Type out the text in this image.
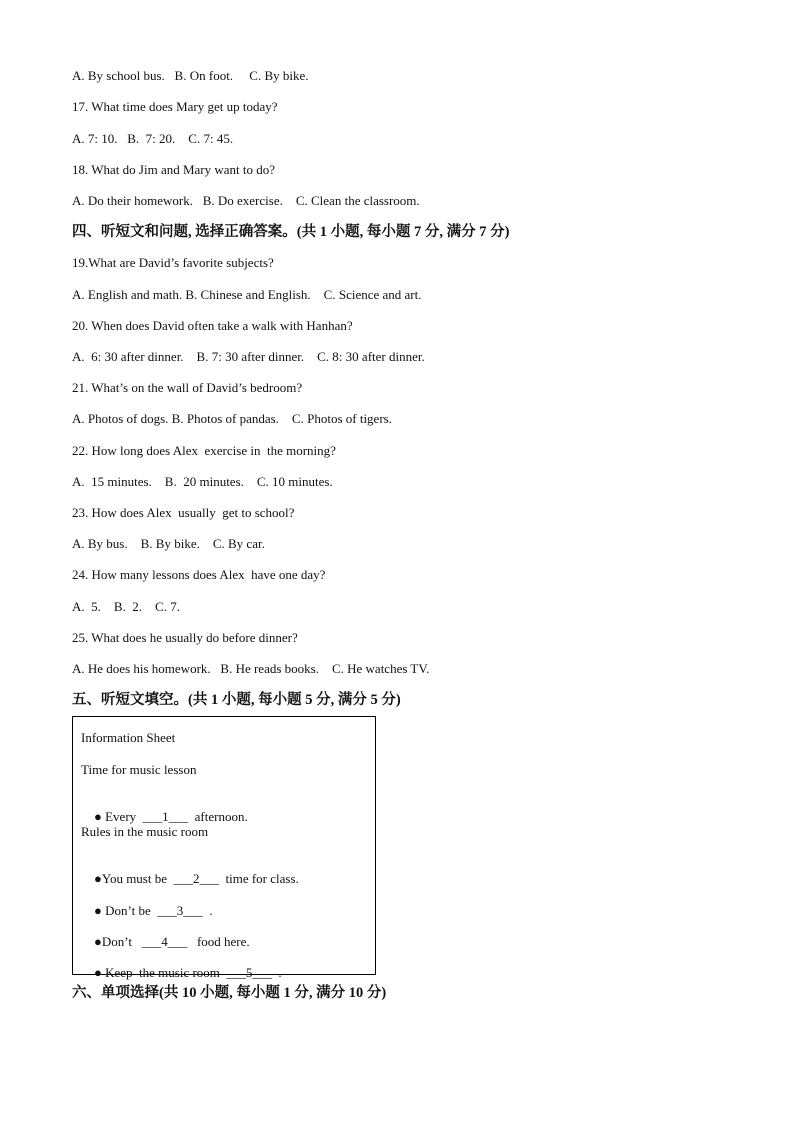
A. By school bus.   B. On foot.     C. By bike.
17. What time does Mary get up today?
A. 7: 10.   B.  7: 20.    C. 7: 45.
18. What do Jim and Mary want to do?
A. Do their homework.   B. Do exercise.    C. Clean the classroom.
四、听短文和问题, 选择正确答案。(共 1 小题, 每小题 7 分, 满分 7 分)
19.What are David’s favorite subjects?
A. English and math. B. Chinese and English.    C. Science and art.
20. When does David often take a walk with Hanhan?
A.  6: 30 after dinner.    B. 7: 30 after dinner.    C. 8: 30 after dinner.
21. What’s on the wall of David’s bedroom?
A. Photos of dogs. B. Photos of pandas.    C. Photos of tigers.
22. How long does Alex  exercise in  the morning?
A.  15 minutes.    B.  20 minutes.    C. 10 minutes.
23. How does Alex  usually  get to school?
A. By bus.    B. By bike.    C. By car.
24. How many lessons does Alex  have one day?
A.  5.    B.  2.    C. 7.
25. What does he usually do before dinner?
A. He does his homework.   B. He reads books.    C. He watches TV.
五、听短文填空。(共 1 小题, 每小题 5 分, 满分 5 分)
Information Sheet
Time for music lesson

● Every  ___1___  afternoon.

Rules in the music room

●You must be  ___2___  time for class.

● Don’t be  ___3___  .

●Don’t   ___4___   food here.

● Keep  the music room  ___5___  .

六、单项选择(共 10 小题, 每小题 1 分, 满分 10 分)
